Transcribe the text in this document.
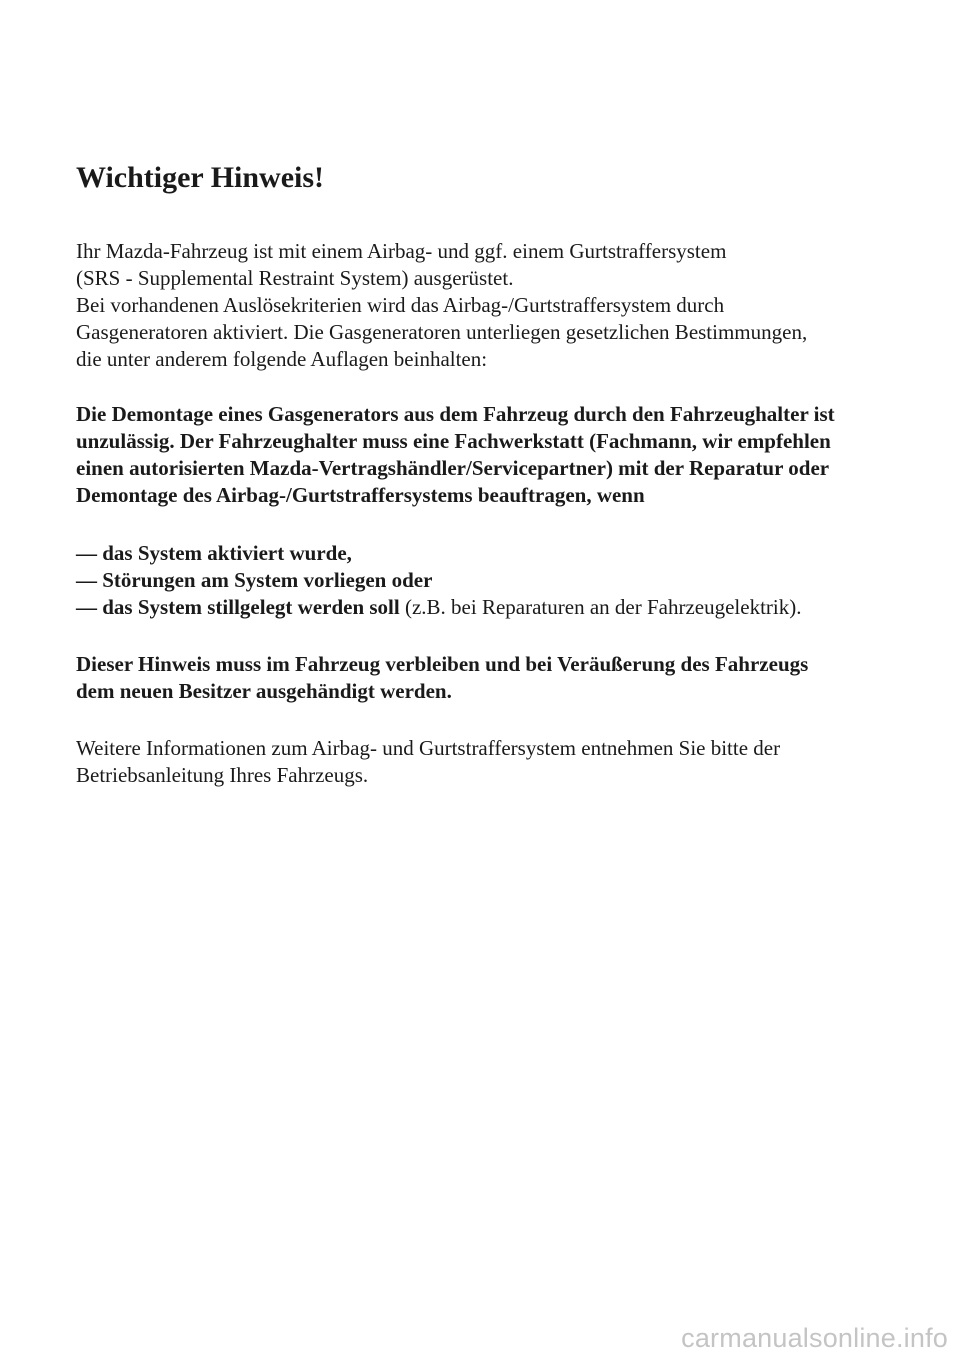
Wichtiger Hinweis!
Ihr Mazda-Fahrzeug ist mit einem Airbag- und ggf. einem Gurtstraffersystem
(SRS - Supplemental Restraint System) ausgerüstet.
Bei vorhandenen Auslösekriterien wird das Airbag-/Gurtstraffersystem durch
Gasgeneratoren aktiviert. Die Gasgeneratoren unterliegen gesetzlichen Bestimmungen,
die unter anderem folgende Auflagen beinhalten:
Die Demontage eines Gasgenerators aus dem Fahrzeug durch den Fahrzeughalter ist
unzulässig. Der Fahrzeughalter muss eine Fachwerkstatt (Fachmann, wir empfehlen
einen autorisierten Mazda-Vertragshändler/Servicepartner) mit der Reparatur oder
Demontage des Airbag-/Gurtstraffersystems beauftragen, wenn
— das System aktiviert wurde,
— Störungen am System vorliegen oder
— das System stillgelegt werden soll (z.B. bei Reparaturen an der Fahrzeugelektrik).
Dieser Hinweis muss im Fahrzeug verbleiben und bei Veräußerung des Fahrzeugs
dem neuen Besitzer ausgehändigt werden.
Weitere Informationen zum Airbag- und Gurtstraffersystem entnehmen Sie bitte der
Betriebsanleitung Ihres Fahrzeugs.
carmanualsonline.info
